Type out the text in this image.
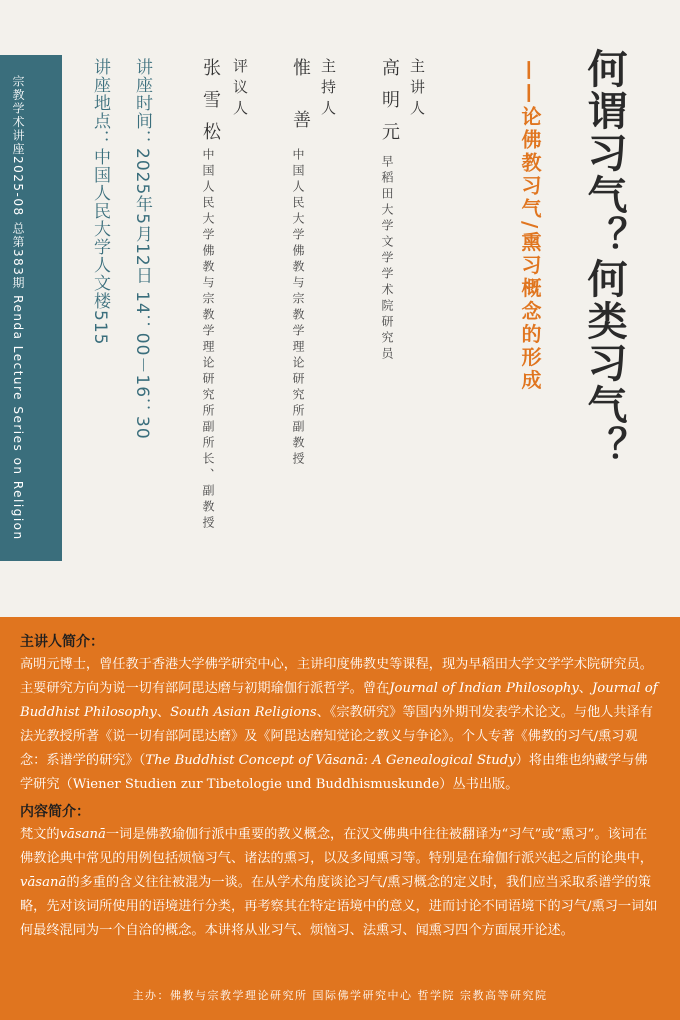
宗教学术讲座2025-08 总第383期 Renda Lecture Series on Religion	讲座时间：2025年5月12日 14：00－16：30
讲座地点：中国人民大学人文楼515	评议人
张雪松
中国人民大学佛教与宗教学理论研究所副所长、副教授
主持人
惟善
中国人民大学佛教与宗教学理论研究所副教授
主讲人
高明元
早稻田大学文学学术院研究员	——论佛教习气/熏习概念的形成 何谓习气？何类习气？
主讲人简介：

高明元博士，曾任教于香港大学佛学研究中心，主讲印度佛教史等课程，现为早稻田大学文学学术院研究员。主要研究方向为说一切有部阿毘达磨与初期瑜伽行派哲学。曾在Journal of Indian Philosophy、Journal of Buddhist Philosophy、South Asian Religions、《宗教研究》等国内外期刊发表学术论文。与他人共译有法光教授所著《说一切有部阿毘达磨》及《阿毘达磨知觉论之教义与争论》。个人专著《佛教的习气/熏习观念：系谱学的研究》（The Buddhist Concept of Vāsanā: A Genealogical Study）将由维也纳藏学与佛学研究（Wiener Studien zur Tibetologie und Buddhismuskunde）丛书出版。

内容简介：

梵文的vāsanā一词是佛教瑜伽行派中重要的教义概念，在汉文佛典中往往被翻译为“习气”或“熏习”。该词在佛教论典中常见的用例包括烦恼习气、诸法的熏习，以及多闻熏习等。特别是在瑜伽行派兴起之后的论典中，vāsanā的多重的含义往往被混为一谈。在从学术角度谈论习气/熏习概念的定义时，我们应当采取系谱学的策略，先对该词所使用的语境进行分类，再考察其在特定语境中的意义，进而讨论不同语境下的习气/熏习一词如何最终混同为一个自洽的概念。本讲将从业习气、烦恼习、法熏习、闻熏习四个方面展开论述。

主办：佛教与宗教学理论研究所 国际佛学研究中心 哲学院 宗教高等研究院
